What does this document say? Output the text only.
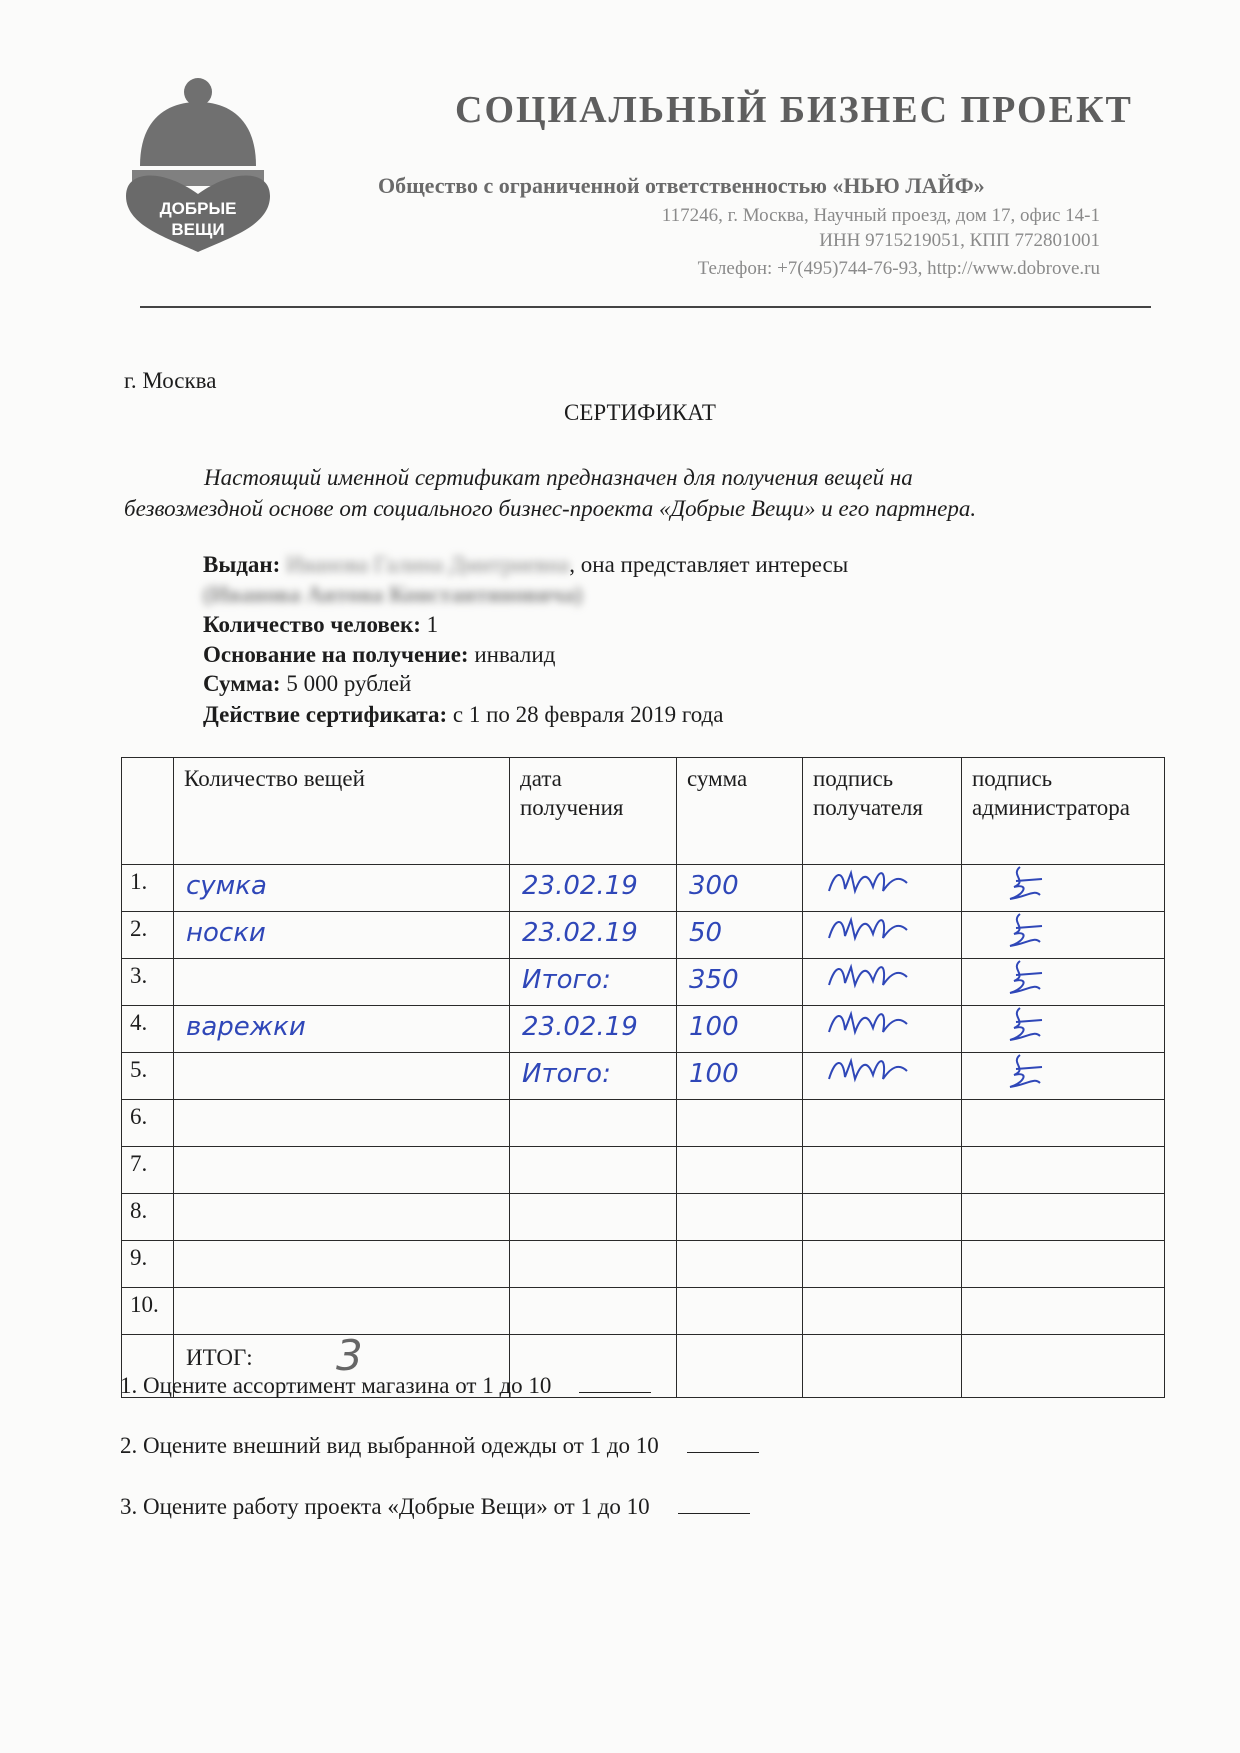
ДОБРЫЕ
ВЕЩИ
СОЦИАЛЬНЫЙ БИЗНЕС ПРОЕКТ
Общество с ограниченной ответственностью «НЬЮ ЛАЙФ»
117246, г. Москва, Научный проезд, дом 17, офис 14-1
ИНН 9715219051, КПП 772801001
Телефон: +7(495)744-76-93, http://www.dobrove.ru
г. Москва
СЕРТИФИКАТ
Настоящий именной сертификат предназначен для получения вещей на
безвозмездной основе от социального бизнес-проекта «Добрые Вещи» и его партнера.
Выдан: Иванова Галина Дмитриевна, она представляет интересы
(Иванова Антона Константиновича)
Количество человек: 1
Основание на получение: инвалид
Сумма: 5 000 рублей
Действие сертификата: с 1 по 28 февраля 2019 года
	Количество вещей	дата получения	сумма	подпись получателя	подпись администратора
1.	сумка	23.02.19	300

2.	носки	23.02.19	50

3.		Итого:	350

4.	варежки	23.02.19	100

5.		Итого:	100

6.					
7.					
8.					
9.					
10.					

	ИТОГ: 3				

1. Оцените ассортимент магазина от 1 до 10
2. Оцените внешний вид выбранной одежды от 1 до 10
3. Оцените работу проекта «Добрые Вещи» от 1 до 10
